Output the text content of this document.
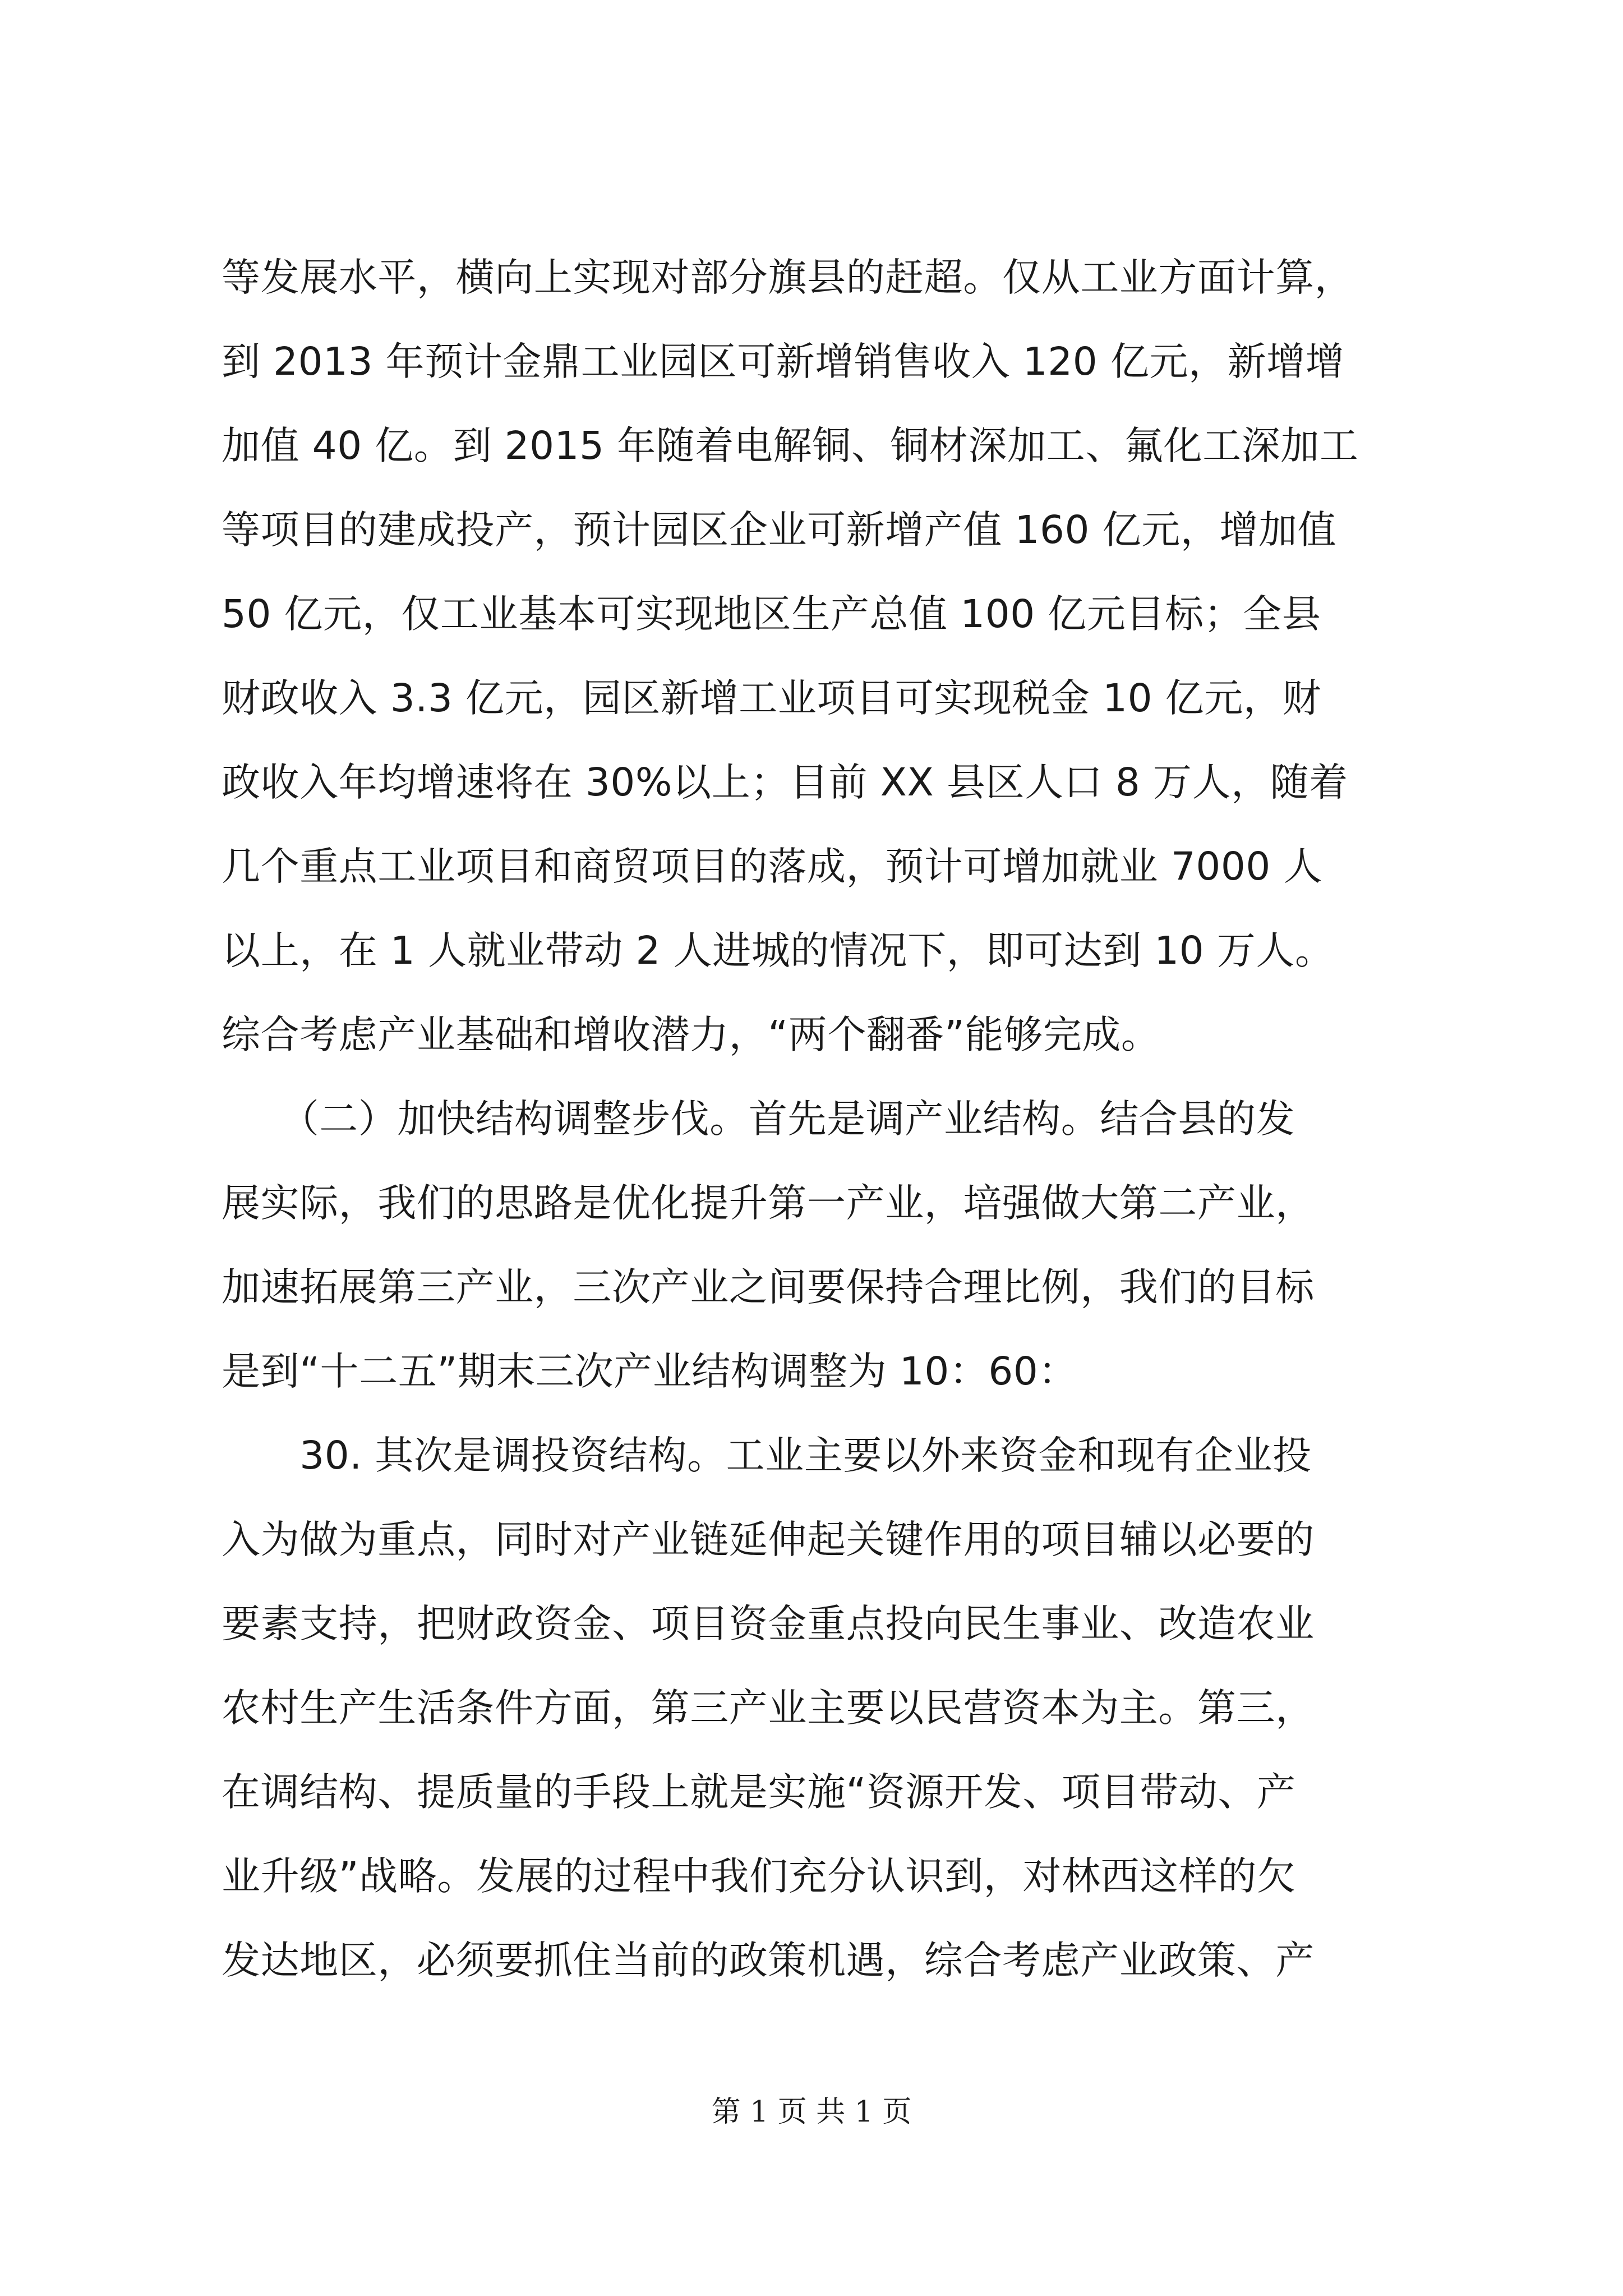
等发展水平，横向上实现对部分旗县的赶超。仅从工业方面计算，
到 2013 年预计金鼎工业园区可新增销售收入 120 亿元，新增增
加值 40 亿。到 2015 年随着电解铜、铜材深加工、氟化工深加工
等项目的建成投产，预计园区企业可新增产值 160 亿元，增加值
50 亿元，仅工业基本可实现地区生产总值 100 亿元目标；全县
财政收入 3.3 亿元，园区新增工业项目可实现税金 10 亿元，财
政收入年均增速将在 30%以上；目前 XX 县区人口 8 万人，随着
几个重点工业项目和商贸项目的落成，预计可增加就业 7000 人
以上，在 1 人就业带动 2 人进城的情况下，即可达到 10 万人。
综合考虑产业基础和增收潜力，“两个翻番”能够完成。
　　（二）加快结构调整步伐。首先是调产业结构。结合县的发
展实际，我们的思路是优化提升第一产业，培强做大第二产业，
加速拓展第三产业，三次产业之间要保持合理比例，我们的目标
是到“十二五”期末三次产业结构调整为 10：60：
　　30. 其次是调投资结构。工业主要以外来资金和现有企业投
入为做为重点，同时对产业链延伸起关键作用的项目辅以必要的
要素支持，把财政资金、项目资金重点投向民生事业、改造农业
农村生产生活条件方面，第三产业主要以民营资本为主。第三，
在调结构、提质量的手段上就是实施“资源开发、项目带动、产
业升级”战略。发展的过程中我们充分认识到，对林西这样的欠
发达地区，必须要抓住当前的政策机遇，综合考虑产业政策、产
第 1 页 共 1 页
